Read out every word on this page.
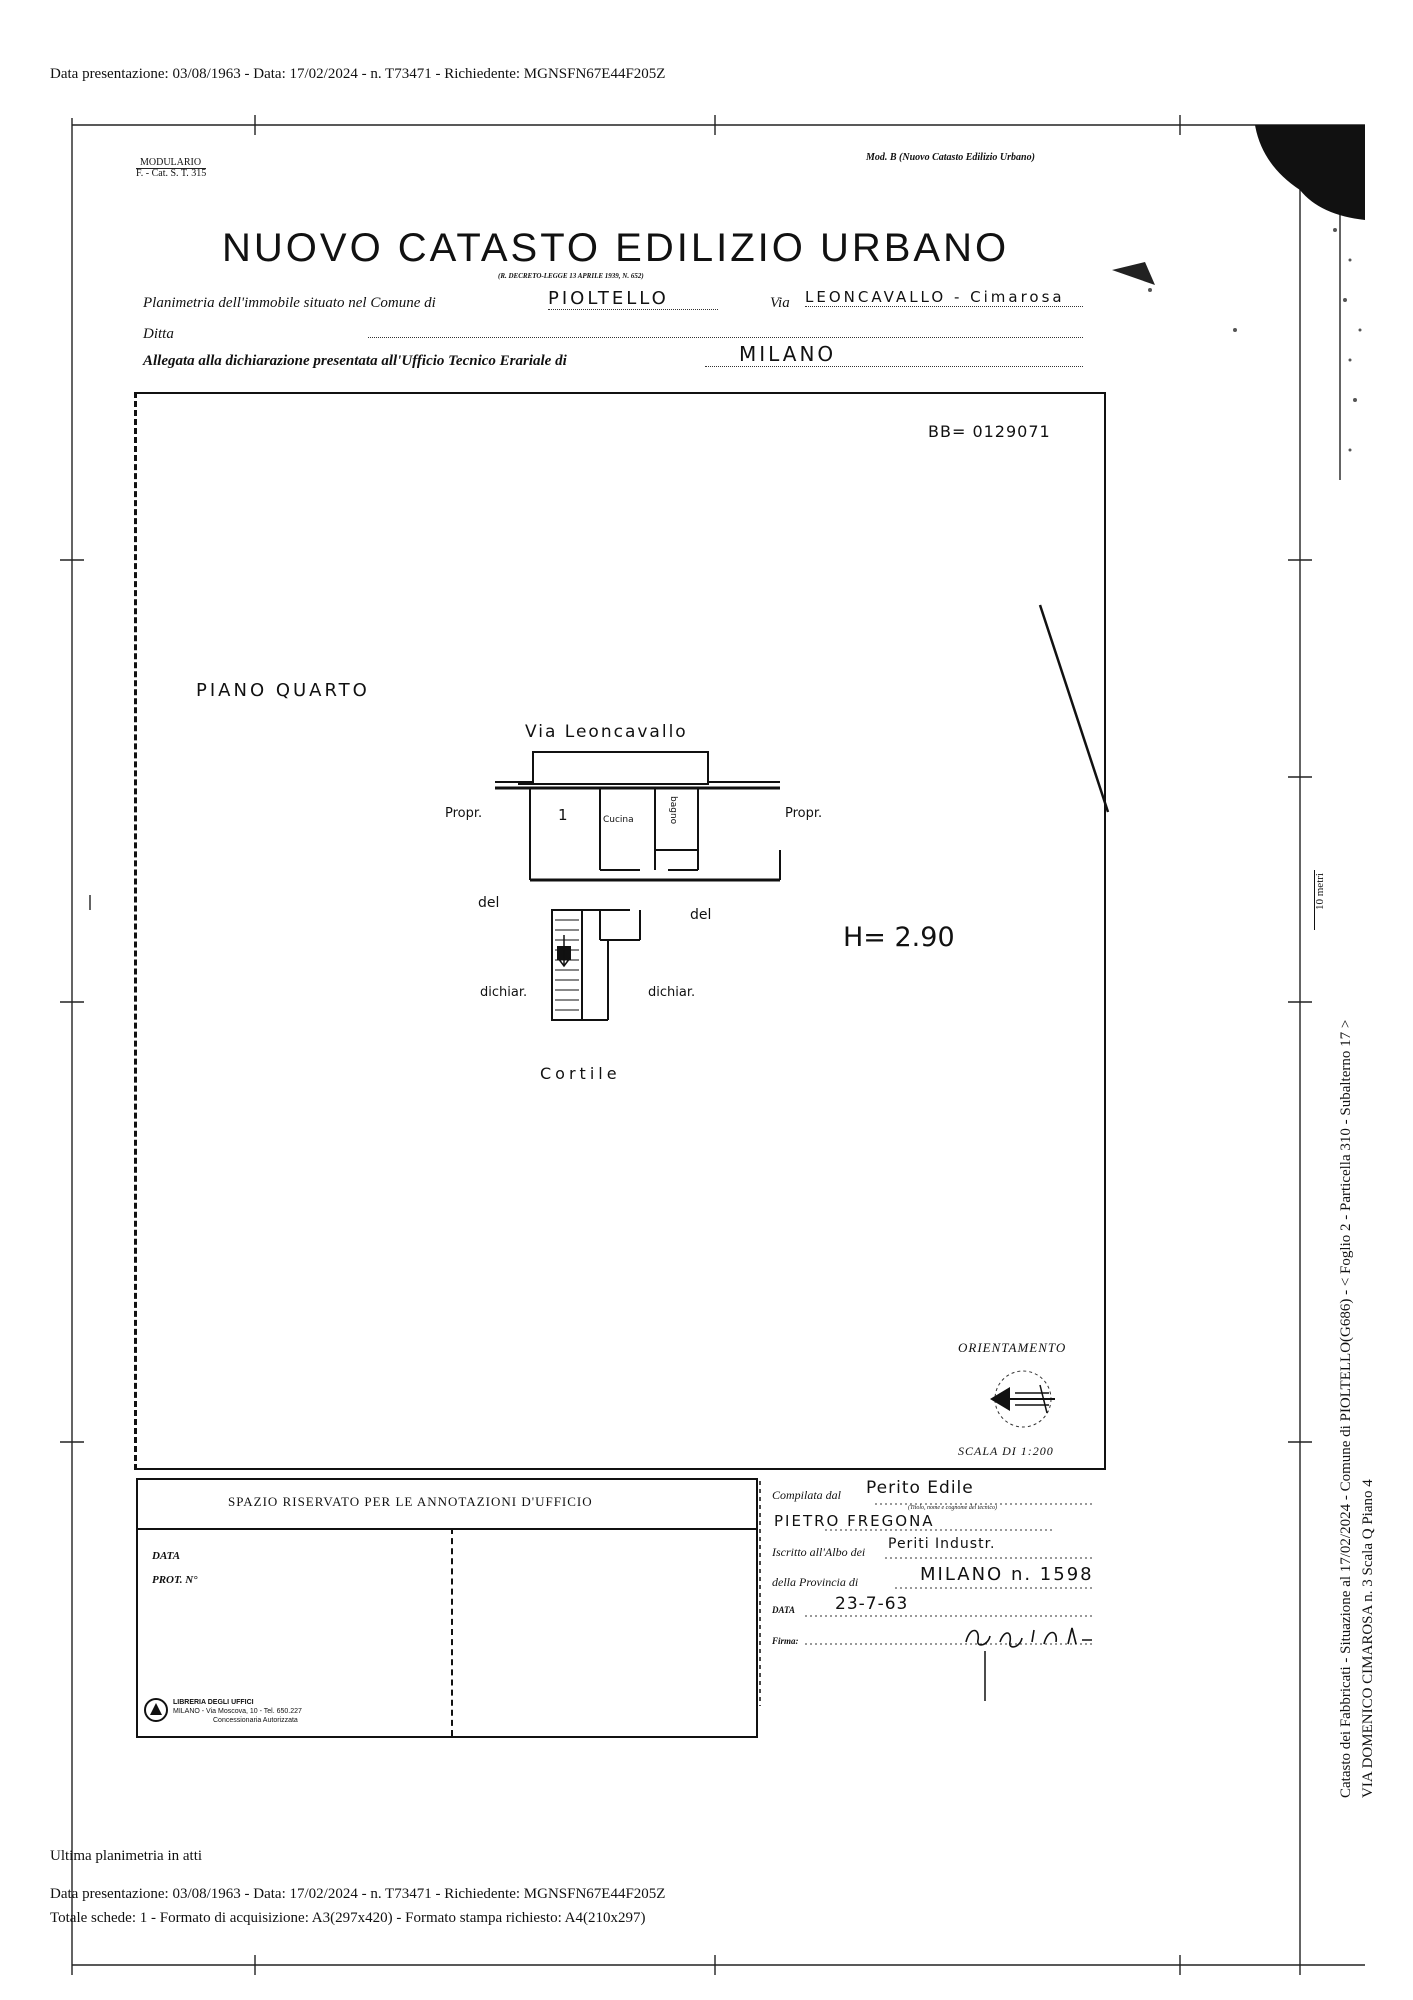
Data presentazione: 03/08/1963 - Data: 17/02/2024 - n. T73471 - Richiedente: MGNSFN67E44F205Z
MODULARIO
F. - Cat. S. T. 315
Mod. B (Nuovo Catasto Edilizio Urbano)
NUOVO CATASTO EDILIZIO URBANO
(R. DECRETO-LEGGE 13 APRILE 1939, N. 652)
Planimetria dell'immobile situato nel Comune di	PIOLTELLO	Via LEONCAVALLO - Cimarosa
Ditta
Allegata alla dichiarazione presentata all'Ufficio Tecnico Erariale di	MILANO
BB= 0129071
PIANO QUARTO
Via Leoncavallo
Propr.	Propr.
1	Cucina	bagno
del
del
dichiar.	dichiar.
Cortile
H= 2.90
ORIENTAMENTO
SCALA DI 1:200
SPAZIO RISERVATO PER LE ANNOTAZIONI D'UFFICIO
DATA
PROT. N°
LIBRERIA DEGLI UFFICI
MILANO - Via Moscova, 10 - Tel. 650.227
Concessionaria Autorizzata
Compilata dal Perito Edile
(Titolo, nome e cognome del tecnico)
PIETRO FREGONA
Iscritto all'Albo dei Periti Industr.
della Provincia di	MILANO n. 1598
DATA 23-7-63
Firma:
Ultima planimetria in atti
Data presentazione: 03/08/1963 - Data: 17/02/2024 - n. T73471 - Richiedente: MGNSFN67E44F205Z
Totale schede: 1 - Formato di acquisizione: A3(297x420) - Formato stampa richiesto: A4(210x297)
Catasto dei Fabbricati - Situazione al 17/02/2024 - Comune di PIOLTELLO(G686) - < Foglio 2 - Particella 310 - Subalterno 17 > VIA DOMENICO CIMAROSA n. 3 Scala Q Piano 4
10 metri
